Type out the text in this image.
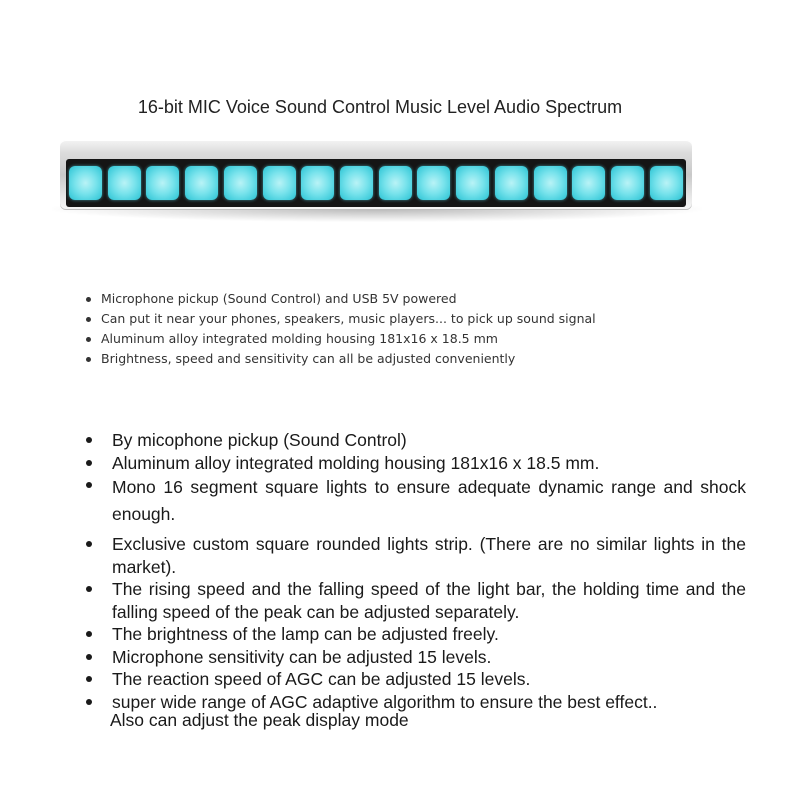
16-bit MIC Voice Sound Control Music Level Audio Spectrum
Microphone pickup (Sound Control) and USB 5V powered
Can put it near your phones, speakers, music players... to pick up sound signal
Aluminum alloy integrated molding housing 181x16 x 18.5 mm
Brightness, speed and sensitivity can all be adjusted conveniently
By micophone pickup (Sound Control)
Aluminum alloy integrated molding housing 181x16 x 18.5 mm.
Mono 16 segment square lights to ensure adequate dynamic range and shock enough.
Exclusive custom square rounded lights strip. (There are no similar lights in the market).
The rising speed and the falling speed of the light bar, the holding time and the falling speed of the peak can be adjusted separately.
The brightness of the lamp can be adjusted freely.
Microphone sensitivity can be adjusted 15 levels.
The reaction speed of AGC can be adjusted 15 levels.
super wide range of AGC adaptive algorithm to ensure the best effect..
Also can adjust the peak display mode
